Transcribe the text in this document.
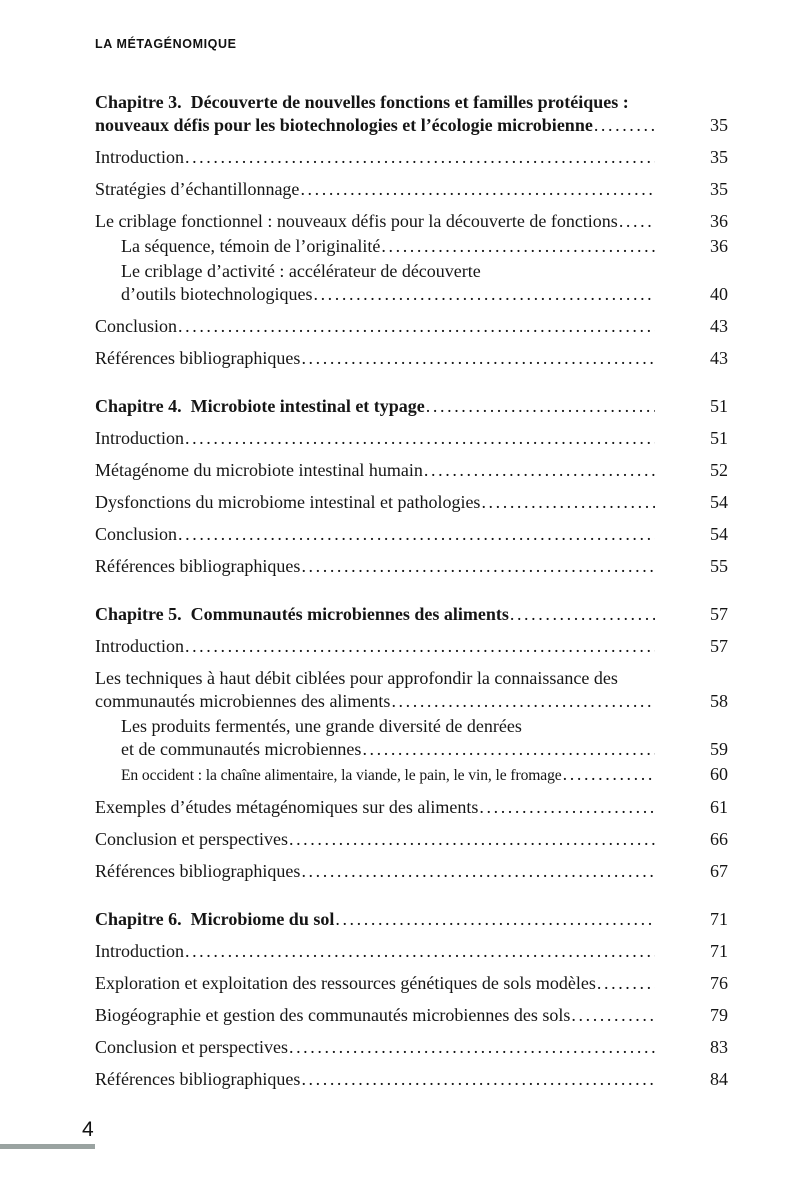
LA MÉTAGÉNOMIQUE
Chapitre 3.  Découverte de nouvelles fonctions et familles protéiques :
nouveaux défis pour les biotechnologies et l’écologie microbienne .....	35
Introduction .....	35
Stratégies d’échantillonnage .....	35
Le criblage fonctionnel : nouveaux défis pour la découverte de fonctions .....	36
La séquence, témoin de l’originalité .....	36
Le criblage d’activité : accélérateur de découverte
d’outils biotechnologiques .....	40
Conclusion .....	43
Références bibliographiques .....	43
Chapitre 4.  Microbiote intestinal et typage .....	51
Introduction .....	51
Métagénome du microbiote intestinal humain .....	52
Dysfonctions du microbiome intestinal et pathologies .....	54
Conclusion .....	54
Références bibliographiques .....	55
Chapitre 5.  Communautés microbiennes des aliments .....	57
Introduction .....	57
Les techniques à haut débit ciblées pour approfondir la connaissance des
communautés microbiennes des aliments .....	58
Les produits fermentés, une grande diversité de denrées
et de communautés microbiennes .....	59
En occident : la chaîne alimentaire, la viande, le pain, le vin, le fromage .....	60
Exemples d’études métagénomiques sur des aliments .....	61
Conclusion et perspectives .....	66
Références bibliographiques .....	67
Chapitre 6.  Microbiome du sol .....	71
Introduction .....	71
Exploration et exploitation des ressources génétiques de sols modèles .....	76
Biogéographie et gestion des communautés microbiennes des sols .....	79
Conclusion et perspectives .....	83
Références bibliographiques .....	84
4
